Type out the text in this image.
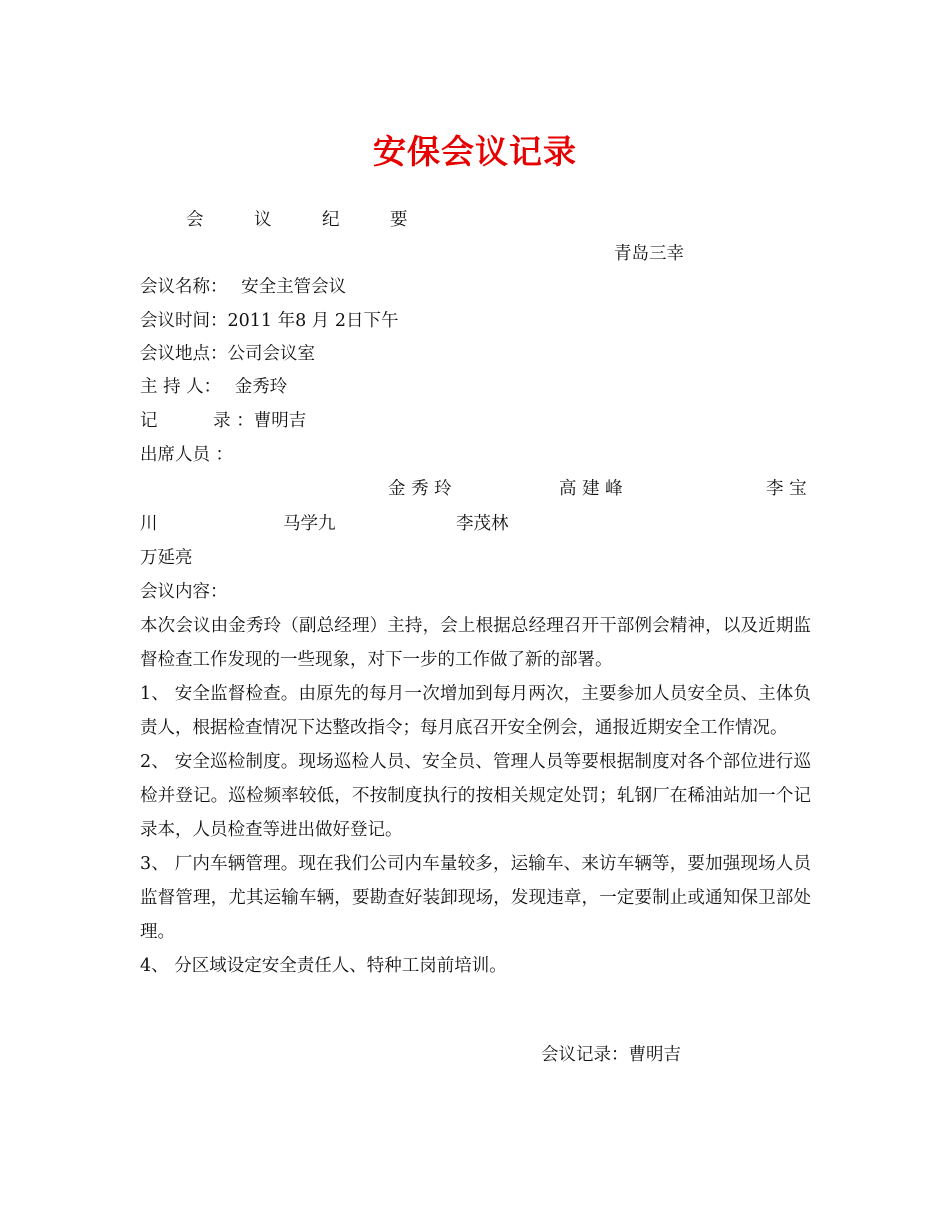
安保会议记录
会	议	纪	要
青岛三幸
会议名称： 安全主管会议
会议时间：2011 年8 月 2日下午
会议地点：公司会议室
主 持 人： 金秀玲
记          录 ：曹明吉
出席人员 ：
金 秀 玲	高 建 峰	李 宝
川	马学九	李茂林
万延亮
会议内容：

本次会议由金秀玲（副总经理）主持，会上根据总经理召开干部例会精神，以及近期监督检查工作发现的一些现象，对下一步的工作做了新的部署。

1、 安全监督检查。由原先的每月一次增加到每月两次，主要参加人员安全员、主体负责人，根据检查情况下达整改指令；每月底召开安全例会，通报近期安全工作情况。

2、 安全巡检制度。现场巡检人员、安全员、管理人员等要根据制度对各个部位进行巡检并登记。巡检频率较低，不按制度执行的按相关规定处罚；轧钢厂在稀油站加一个记录本，人员检查等进出做好登记。

3、 厂内车辆管理。现在我们公司内车量较多，运输车、来访车辆等，要加强现场人员监督管理，尤其运输车辆，要勘查好装卸现场，发现违章，一定要制止或通知保卫部处理。

4、 分区域设定安全责任人、特种工岗前培训。

会议记录：曹明吉
